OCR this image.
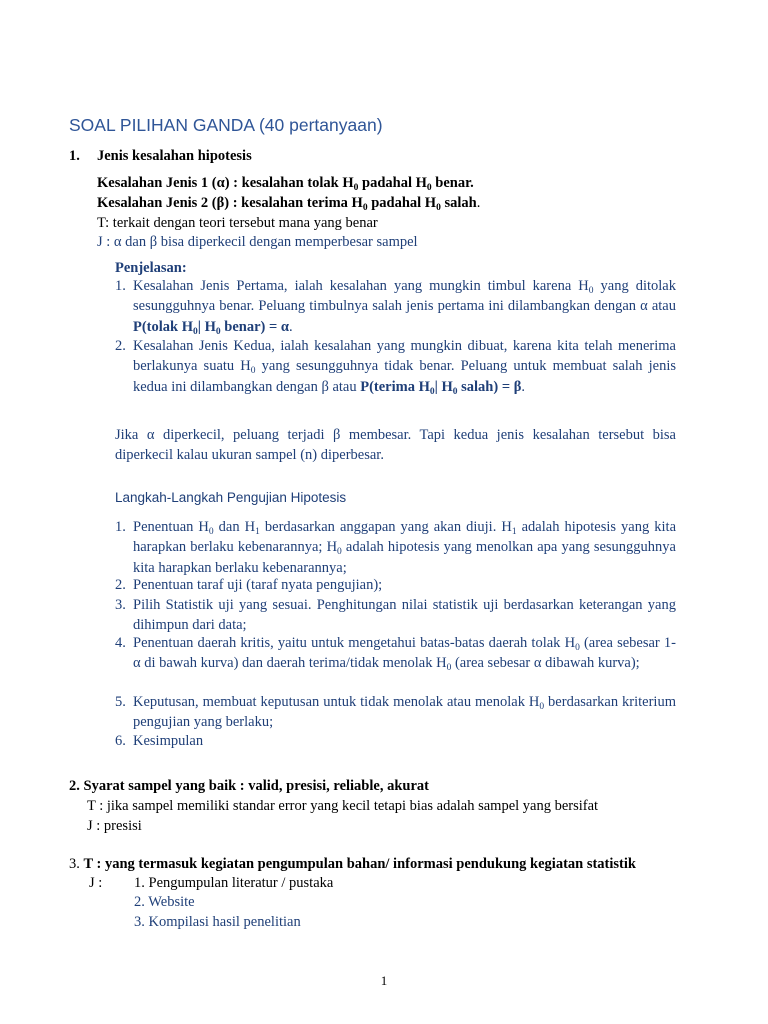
SOAL PILIHAN GANDA (40 pertanyaan)
1. Jenis kesalahan hipotesis
Kesalahan Jenis 1 (α) : kesalahan tolak $H_0$ padahal $H_0$ benar.
Kesalahan Jenis 2 (β) : kesalahan terima $H_0$ padahal $H_0$ salah.
T: terkait dengan teori tersebut mana yang benar
J : α dan β bisa diperkecil dengan memperbesar sampel
Penjelasan:
1. Kesalahan Jenis Pertama, ialah kesalahan yang mungkin timbul karena $H_0$ yang ditolak sesungguhnya benar. Peluang timbulnya salah jenis pertama ini dilambangkan dengan α atau P(tolak $H_0|$ $H_0$ benar) = α.
2. Kesalahan Jenis Kedua, ialah kesalahan yang mungkin dibuat, karena kita telah menerima berlakunya suatu $H_0$ yang sesungguhnya tidak benar. Peluang untuk membuat salah jenis kedua ini dilambangkan dengan β atau P(terima $H_0|$ $H_0$ salah) = β.
Jika α diperkecil, peluang terjadi β membesar. Tapi kedua jenis kesalahan tersebut bisa diperkecil kalau ukuran sampel (n) diperbesar.
Langkah-Langkah Pengujian Hipotesis
1. Penentuan $H_0$ dan $H_1$ berdasarkan anggapan yang akan diuji. $H_1$ adalah hipotesis yang kita harapkan berlaku kebenarannya; $H_0$ adalah hipotesis yang menolkan apa yang sesungguhnya kita harapkan berlaku kebenarannya;
2. Penentuan taraf uji (taraf nyata pengujian);
3. Pilih Statistik uji yang sesuai. Penghitungan nilai statistik uji berdasarkan keterangan yang dihimpun dari data;
4. Penentuan daerah kritis, yaitu untuk mengetahui batas-batas daerah tolak $H_0$ (area sebesar 1- α di bawah kurva) dan daerah terima/tidak menolak $H_0$ (area sebesar α dibawah kurva);
5. Keputusan, membuat keputusan untuk tidak menolak atau menolak $H_0$ berdasarkan kriterium pengujian yang berlaku;
6. Kesimpulan
2. Syarat sampel yang baik : valid, presisi, reliable, akurat
T : jika sampel memiliki standar error yang kecil tetapi bias adalah sampel yang bersifat
J : presisi
3. T : yang termasuk kegiatan pengumpulan bahan/ informasi pendukung kegiatan statistik
J : 1. Pengumpulan literatur / pustaka
2. Website
3. Kompilasi hasil penelitian
1
